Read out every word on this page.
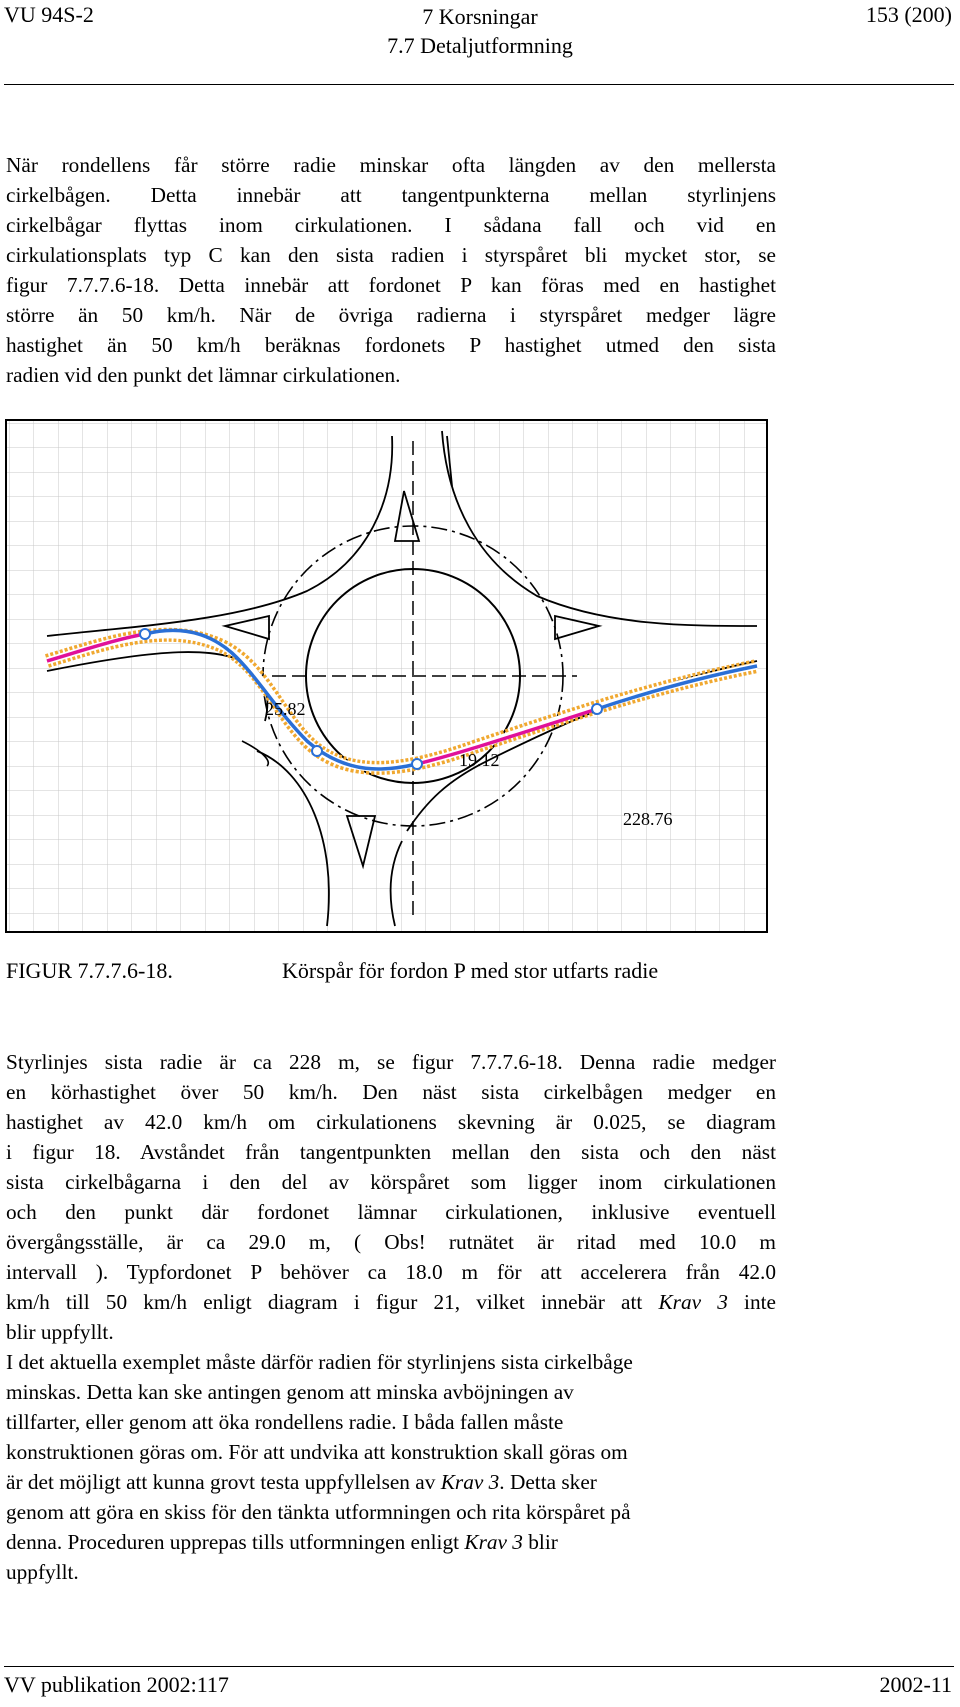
VU 94S-2	7 Korsningar
7.7 Detaljutformning
153 (200)
När rondellens får större radie minskar ofta längden av den mellersta
cirkelbågen. Detta innebär att tangentpunkterna mellan styrlinjens
cirkelbågar flyttas inom cirkulationen. I sådana fall och vid en
cirkulationsplats typ C kan den sista radien i styrspåret bli mycket stor, se
figur 7.7.7.6-18. Detta innebär att fordonet P kan föras med en hastighet
större än 50 km/h. När de övriga radierna i styrspåret medger lägre
hastighet än 50 km/h beräknas fordonets P hastighet utmed den sista
radien vid den punkt det lämnar cirkulationen.
25.82
19.12
228.76
FIGUR 7.7.7.6-18.	Körspår för fordon P med stor utfarts radie
Styrlinjes sista radie är ca 228 m, se figur 7.7.7.6-18. Denna radie medger
en körhastighet över 50 km/h. Den näst sista cirkelbågen medger en
hastighet av 42.0 km/h om cirkulationens skevning är 0.025, se diagram
i figur 18. Avståndet från tangentpunkten mellan den sista och den näst
sista cirkelbågarna i den del av körspåret som ligger inom cirkulationen
och den punkt där fordonet lämnar cirkulationen, inklusive eventuell
övergångsställe, är ca 29.0 m, ( Obs! rutnätet är ritad med 10.0 m
intervall ). Typfordonet P behöver ca 18.0 m för att accelerera från 42.0
km/h till 50 km/h enligt diagram i figur 21, vilket innebär att Krav 3 inte
blir uppfyllt.
I det aktuella exemplet måste därför radien för styrlinjens sista cirkelbåge
minskas. Detta kan ske antingen genom att minska avböjningen av
tillfarter, eller genom att öka rondellens radie. I båda fallen måste
konstruktionen göras om. För att undvika att konstruktion skall göras om
är det möjligt att kunna grovt testa uppfyllelsen av Krav 3. Detta sker
genom att göra en skiss för den tänkta utformningen och rita körspåret på
denna. Proceduren upprepas tills utformningen enligt Krav 3 blir
uppfyllt.
VV publikation 2002:117	2002-11
